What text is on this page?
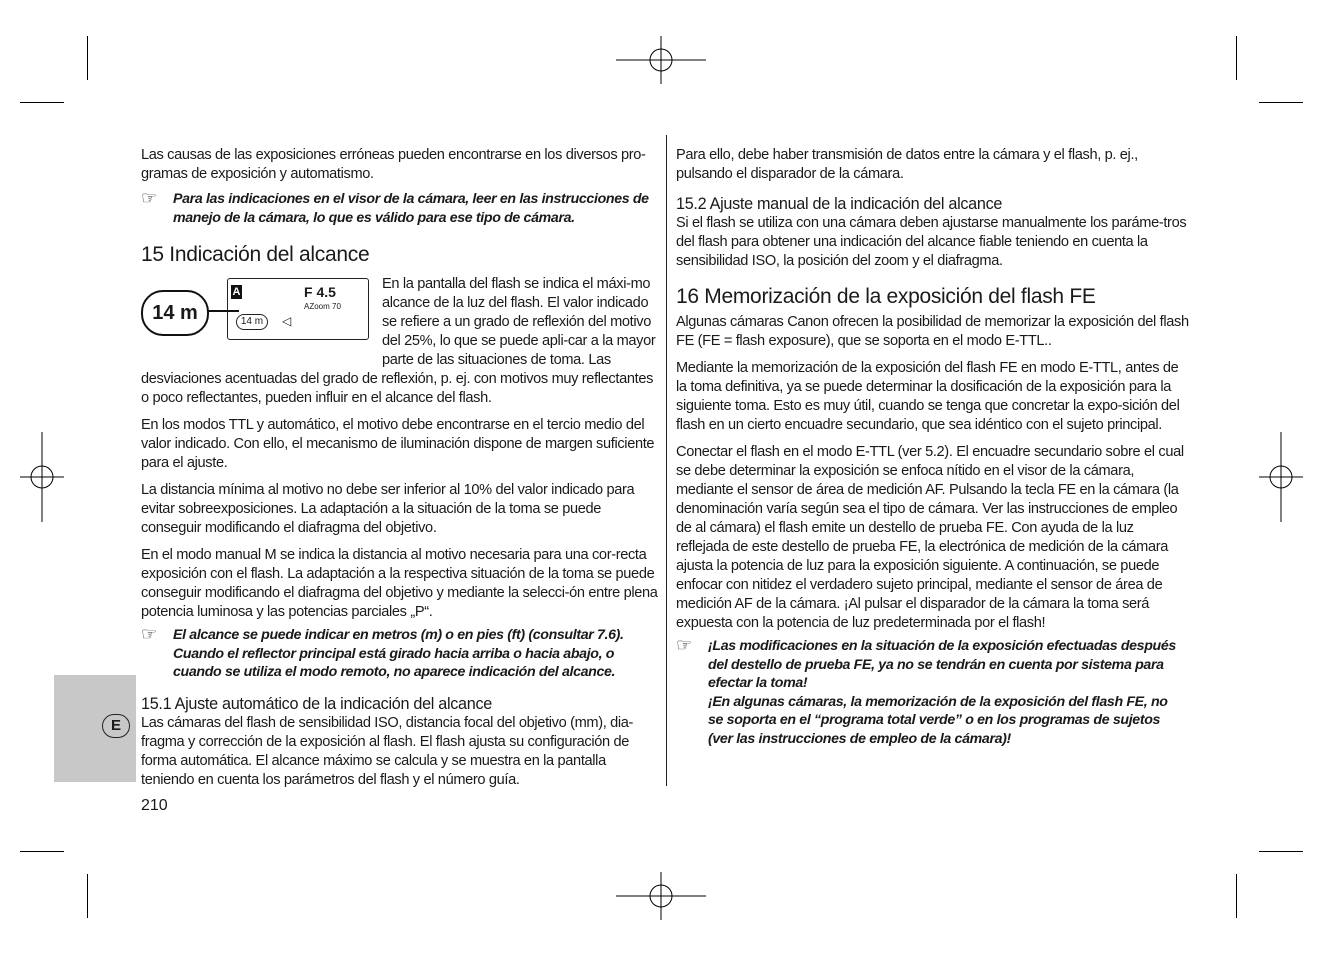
E

Las causas de las exposiciones erróneas pueden encontrarse en los diversos pro-gramas de exposición y automatismo.

☞ Para las indicaciones en el visor de la cámara, leer en las instrucciones de
manejo de la cámara, lo que es válido para ese tipo de cámara.
15 Indicación del alcance

En la pantalla del flash se indica el máxi-mo alcance de la luz del flash. El valor indicado se refiere a un grado de reflexión del motivo del 25%, lo que se puede apli-car a la mayor parte de las situaciones de toma. Las desviaciones acentuadas del grado de reflexión, p. ej. con motivos muy reflectantes o poco reflectantes, pueden influir en el alcance del flash.

En los modos TTL y automático, el motivo debe encontrarse en el tercio medio del valor indicado. Con ello, el mecanismo de iluminación dispone de margen suficiente para el ajuste.

La distancia mínima al motivo no debe ser inferior al 10% del valor indicado para evitar sobreexposiciones. La adaptación a la situación de la toma se puede conseguir modificando el diafragma del objetivo.

En el modo manual M se indica la distancia al motivo necesaria para una cor-recta exposición con el flash. La adaptación a la respectiva situación de la toma se puede conseguir modificando el diafragma del objetivo y mediante la selecci-ón entre plena potencia luminosa y las potencias parciales „P“.

☞ El alcance se puede indicar en metros (m) o en pies (ft) (consultar 7.6).
Cuando el reflector principal está girado hacia arriba o hacia abajo, o
cuando se utiliza el modo remoto, no aparece indicación del alcance.
15.1 Ajuste automático de la indicación del alcance

Las cámaras del flash de sensibilidad ISO, distancia focal del objetivo (mm), dia-fragma y corrección de la exposición al flash. El flash ajusta su configuración de forma automática. El alcance máximo se calcula y se muestra en la pantalla teniendo en cuenta los parámetros del flash y el número guía.

A	F 4.5
AZoom 70
14 m	◁
14 m

Para ello, debe haber transmisión de datos entre la cámara y el flash, p. ej., pulsando el disparador de la cámara.

15.2 Ajuste manual de la indicación del alcance

Si el flash se utiliza con una cámara deben ajustarse manualmente los paráme-tros del flash para obtener una indicación del alcance fiable teniendo en cuenta la sensibilidad ISO, la posición del zoom y el diafragma.

16 Memorización de la exposición del flash FE

Algunas cámaras Canon ofrecen la posibilidad de memorizar la exposición del flash FE (FE = flash exposure), que se soporta en el modo E-TTL..

Mediante la memorización de la exposición del flash FE en modo E-TTL, antes de la toma definitiva, ya se puede determinar la dosificación de la exposición para la siguiente toma. Esto es muy útil, cuando se tenga que concretar la expo-sición del flash en un cierto encuadre secundario, que sea idéntico con el sujeto principal.

Conectar el flash en el modo E-TTL (ver 5.2). El encuadre secundario sobre el cual se debe determinar la exposición se enfoca nítido en el visor de la cámara, mediante el sensor de área de medición AF. Pulsando la tecla FE en la cámara (la denominación varía según sea el tipo de cámara. Ver las instrucciones de empleo de al cámara) el flash emite un destello de prueba FE. Con ayuda de la luz reflejada de este destello de prueba FE, la electrónica de medición de la cámara ajusta la potencia de luz para la exposición siguiente. A continuación, se puede enfocar con nitidez el verdadero sujeto principal, mediante el sensor de área de medición AF de la cámara. ¡Al pulsar el disparador de la cámara la toma será expuesta con la potencia de luz predeterminada por el flash!

☞ ¡Las modificaciones en la situación de la exposición efectuadas después
del destello de prueba FE, ya no se tendrán en cuenta por sistema para
efectar la toma!
¡En algunas cámaras, la memorización de la exposición del flash FE, no
se soporta en el “programa total verde” o en los programas de sujetos
(ver las instrucciones de empleo de la cámara)!
210
